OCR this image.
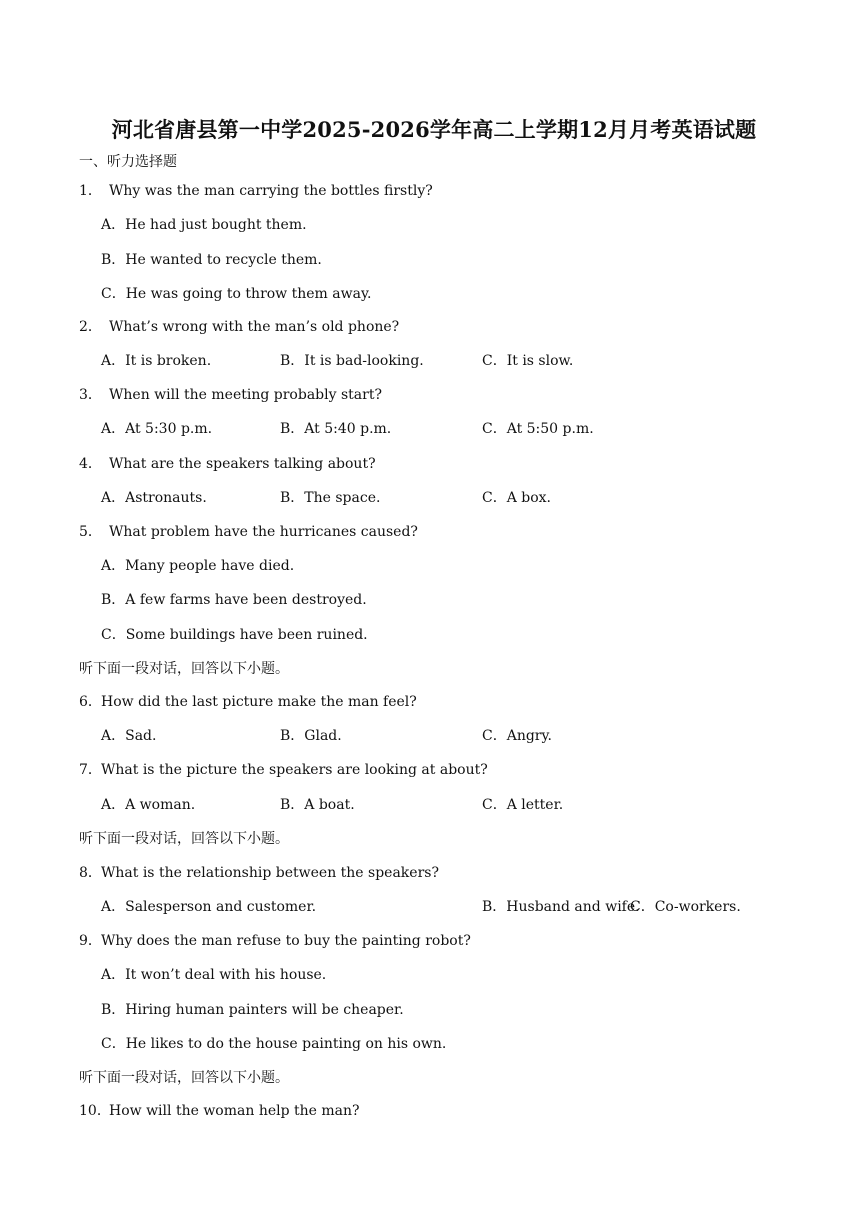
河北省唐县第一中学2025-2026学年高二上学期12月月考英语试题
一、听力选择题
1． Why was the man carrying the bottles firstly?
A．He had just bought them.
B．He wanted to recycle them.
C．He was going to throw them away.
2． What’s wrong with the man’s old phone?
A．It is broken.	B．It is bad-looking.	C．It is slow.
3． When will the meeting probably start?
A．At 5:30 p.m.	B．At 5:40 p.m.	C．At 5:50 p.m.
4． What are the speakers talking about?
A．Astronauts.	B．The space.	C．A box.
5． What problem have the hurricanes caused?
A．Many people have died.
B．A few farms have been destroyed.
C．Some buildings have been ruined.
听下面一段对话，回答以下小题。
6．How did the last picture make the man feel?
A．Sad.	B．Glad.	C．Angry.
7．What is the picture the speakers are looking at about?
A．A woman.	B．A boat.	C．A letter.
听下面一段对话，回答以下小题。
8．What is the relationship between the speakers?
A．Salesperson and customer.	B．Husband and wife.
C．Co-workers.
9．Why does the man refuse to buy the painting robot?
A．It won’t deal with his house.
B．Hiring human painters will be cheaper.
C．He likes to do the house painting on his own.
听下面一段对话，回答以下小题。
10．How will the woman help the man?
